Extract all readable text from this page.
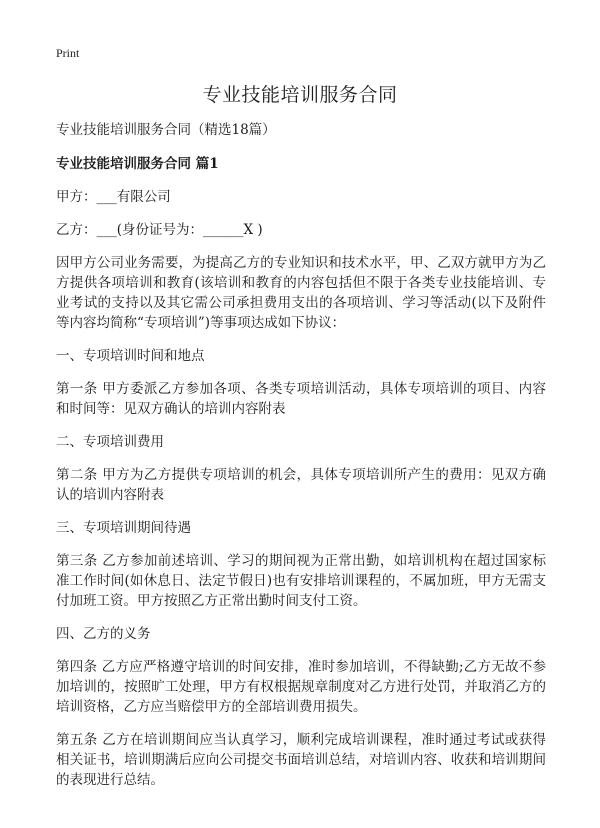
Print
专业技能培训服务合同

专业技能培训服务合同（精选18篇）

专业技能培训服务合同 篇1

甲方：___有限公司

乙方：___(身份证号为：______X )

因甲方公司业务需要，为提高乙方的专业知识和技术水平，甲、乙双方就甲方为乙方提供各项培训和教育(该培训和教育的内容包括但不限于各类专业技能培训、专业考试的支持以及其它需公司承担费用支出的各项培训、学习等活动(以下及附件等内容均简称“专项培训”)等事项达成如下协议：

一、专项培训时间和地点

第一条 甲方委派乙方参加各项、各类专项培训活动，具体专项培训的项目、内容和时间等：见双方确认的培训内容附表

二、专项培训费用

第二条 甲方为乙方提供专项培训的机会，具体专项培训所产生的费用：见双方确认的培训内容附表

三、专项培训期间待遇

第三条 乙方参加前述培训、学习的期间视为正常出勤，如培训机构在超过国家标准工作时间(如休息日、法定节假日)也有安排培训课程的，不属加班，甲方无需支付加班工资。甲方按照乙方正常出勤时间支付工资。

四、乙方的义务

第四条 乙方应严格遵守培训的时间安排，准时参加培训，不得缺勤;乙方无故不参加培训的，按照旷工处理，甲方有权根据规章制度对乙方进行处罚，并取消乙方的培训资格，乙方应当赔偿甲方的全部培训费用损失。

第五条 乙方在培训期间应当认真学习，顺利完成培训课程，准时通过考试或获得相关证书，培训期满后应向公司提交书面培训总结，对培训内容、收获和培训期间的表现进行总结。
